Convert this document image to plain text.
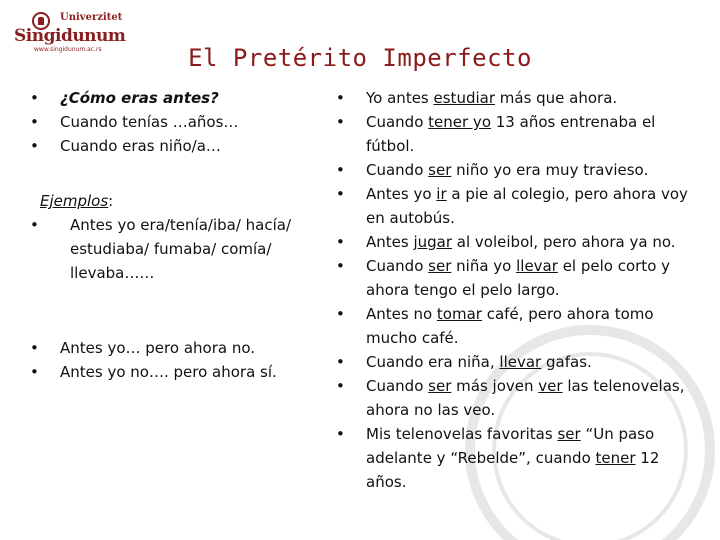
Univerzitet
Singidunum
www.singidunum.ac.rs	El Pretérito Imperfecto
• ¿Cómo eras antes?
• Cuando tenías …años…
• Cuando eras niño/a…
Ejemplos:
• Antes yo era/tenía/iba/ hacía/ estudiaba/ fumaba/ comía/ llevaba……
• Antes yo… pero ahora no.
• Antes yo no…. pero ahora sí.
• Yo antes estudiar más que ahora.
• Cuando tener yo 13 años entrenaba el fútbol.
• Cuando ser niño yo era muy travieso.
• Antes yo ir a pie al colegio, pero ahora voy en autobús.
• Antes jugar al voleibol, pero ahora ya no.
• Cuando ser niña yo llevar el pelo corto y ahora tengo el pelo largo.
• Antes no tomar café, pero ahora tomo mucho café.
• Cuando era niña, llevar gafas.
• Cuando ser más joven ver las telenovelas, ahora no las veo.
• Mis telenovelas favoritas ser “Un paso adelante y “Rebelde”, cuando tener 12 años.
